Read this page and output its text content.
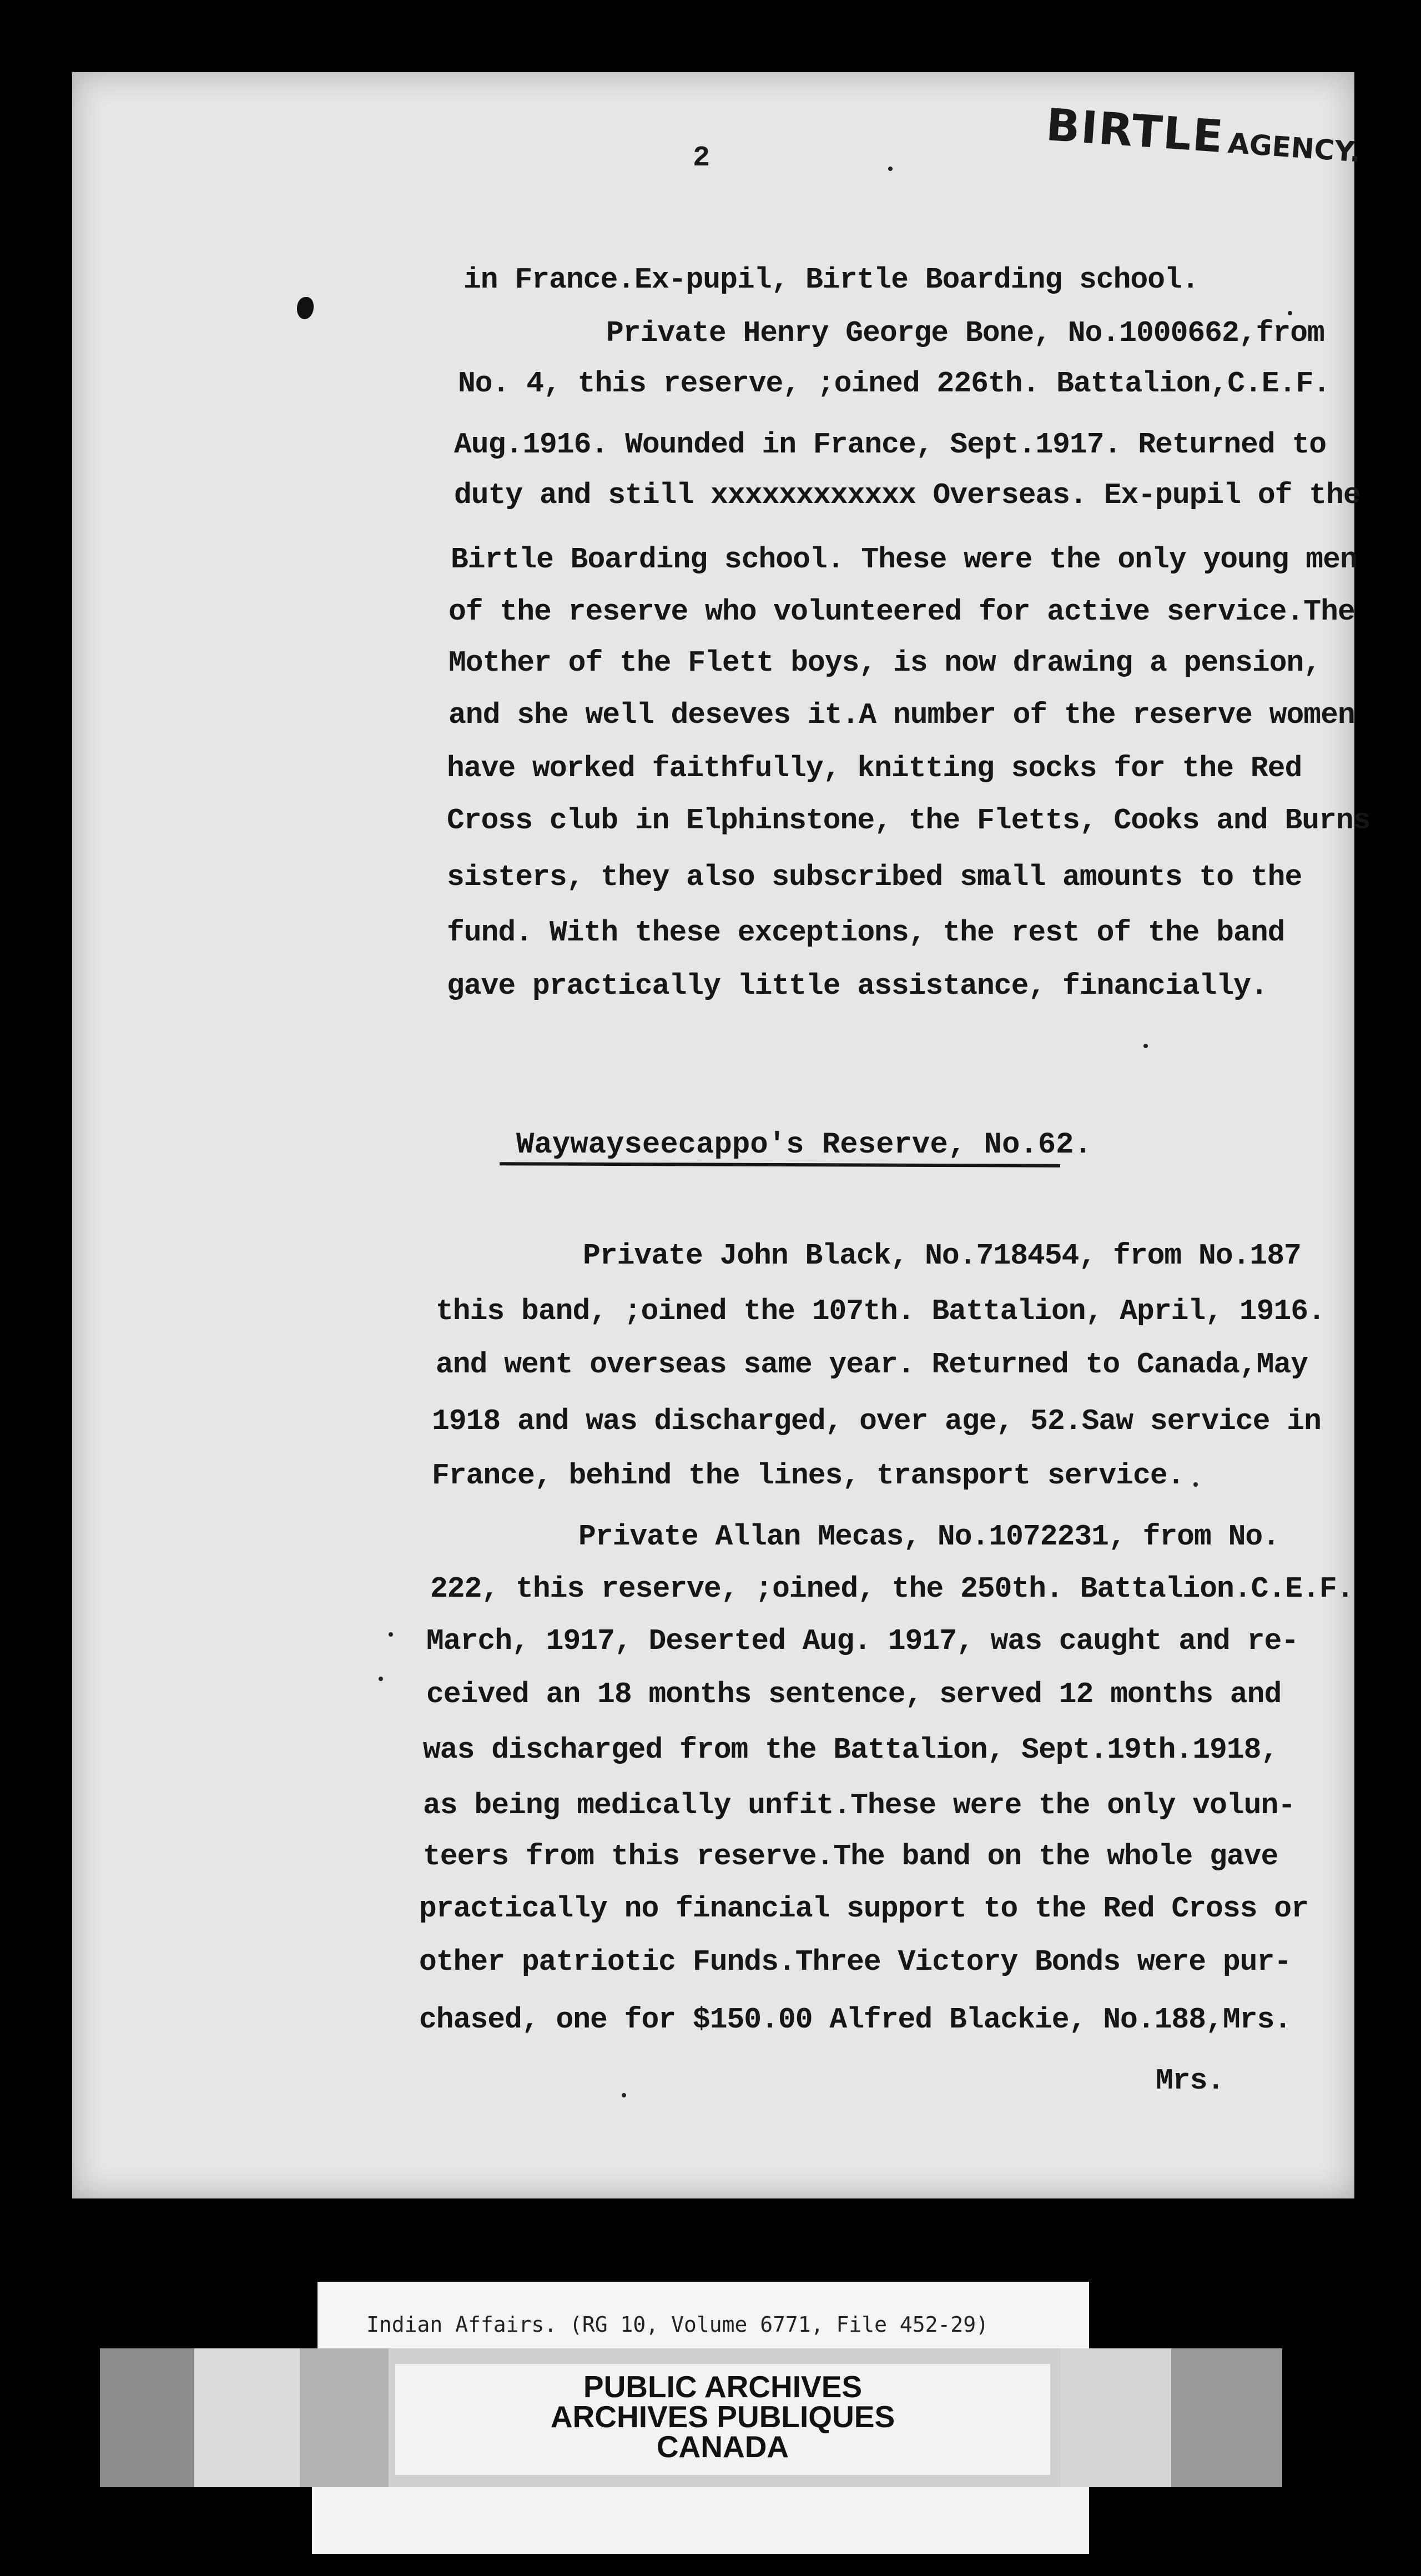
2	BIRTLEAGENCY.
in France.Ex-pupil, Birtle Boarding school.
Private Henry George Bone, No.1000662,from
No. 4, this reserve, ;oined 226th. Battalion,C.E.F.
Aug.1916. Wounded in France, Sept.1917. Returned to
duty and still xxxxxxxxxxxx Overseas. Ex-pupil of the
Birtle Boarding school. These were the only young men
of the reserve who volunteered for active service.The
Mother of the Flett boys, is now drawing a pension,
and she well deseves it.A number of the reserve women
have worked faithfully, knitting socks for the Red
Cross club in Elphinstone, the Fletts, Cooks and Burns
sisters, they also subscribed small amounts to the
fund. With these exceptions, the rest of the band
gave practically little assistance, financially.
Waywayseecappo's Reserve, No.62.
Private John Black, No.718454, from No.187
this band, ;oined the 107th. Battalion, April, 1916.
and went overseas same year. Returned to Canada,May
1918 and was discharged, over age, 52.Saw service in
France, behind the lines, transport service.
Private Allan Mecas, No.1072231, from No.
222, this reserve, ;oined, the 250th. Battalion.C.E.F.
March, 1917, Deserted Aug. 1917, was caught and re-
ceived an 18 months sentence, served 12 months and
was discharged from the Battalion, Sept.19th.1918,
as being medically unfit.These were the only volun-
teers from this reserve.The band on the whole gave
practically no financial support to the Red Cross or
other patriotic Funds.Three Victory Bonds were pur-
chased, one for $150.00 Alfred Blackie, No.188,Mrs.
Mrs.
Indian Affairs. (RG 10, Volume 6771, File 452-29)
PUBLIC ARCHIVES
ARCHIVES PUBLIQUES
CANADA
